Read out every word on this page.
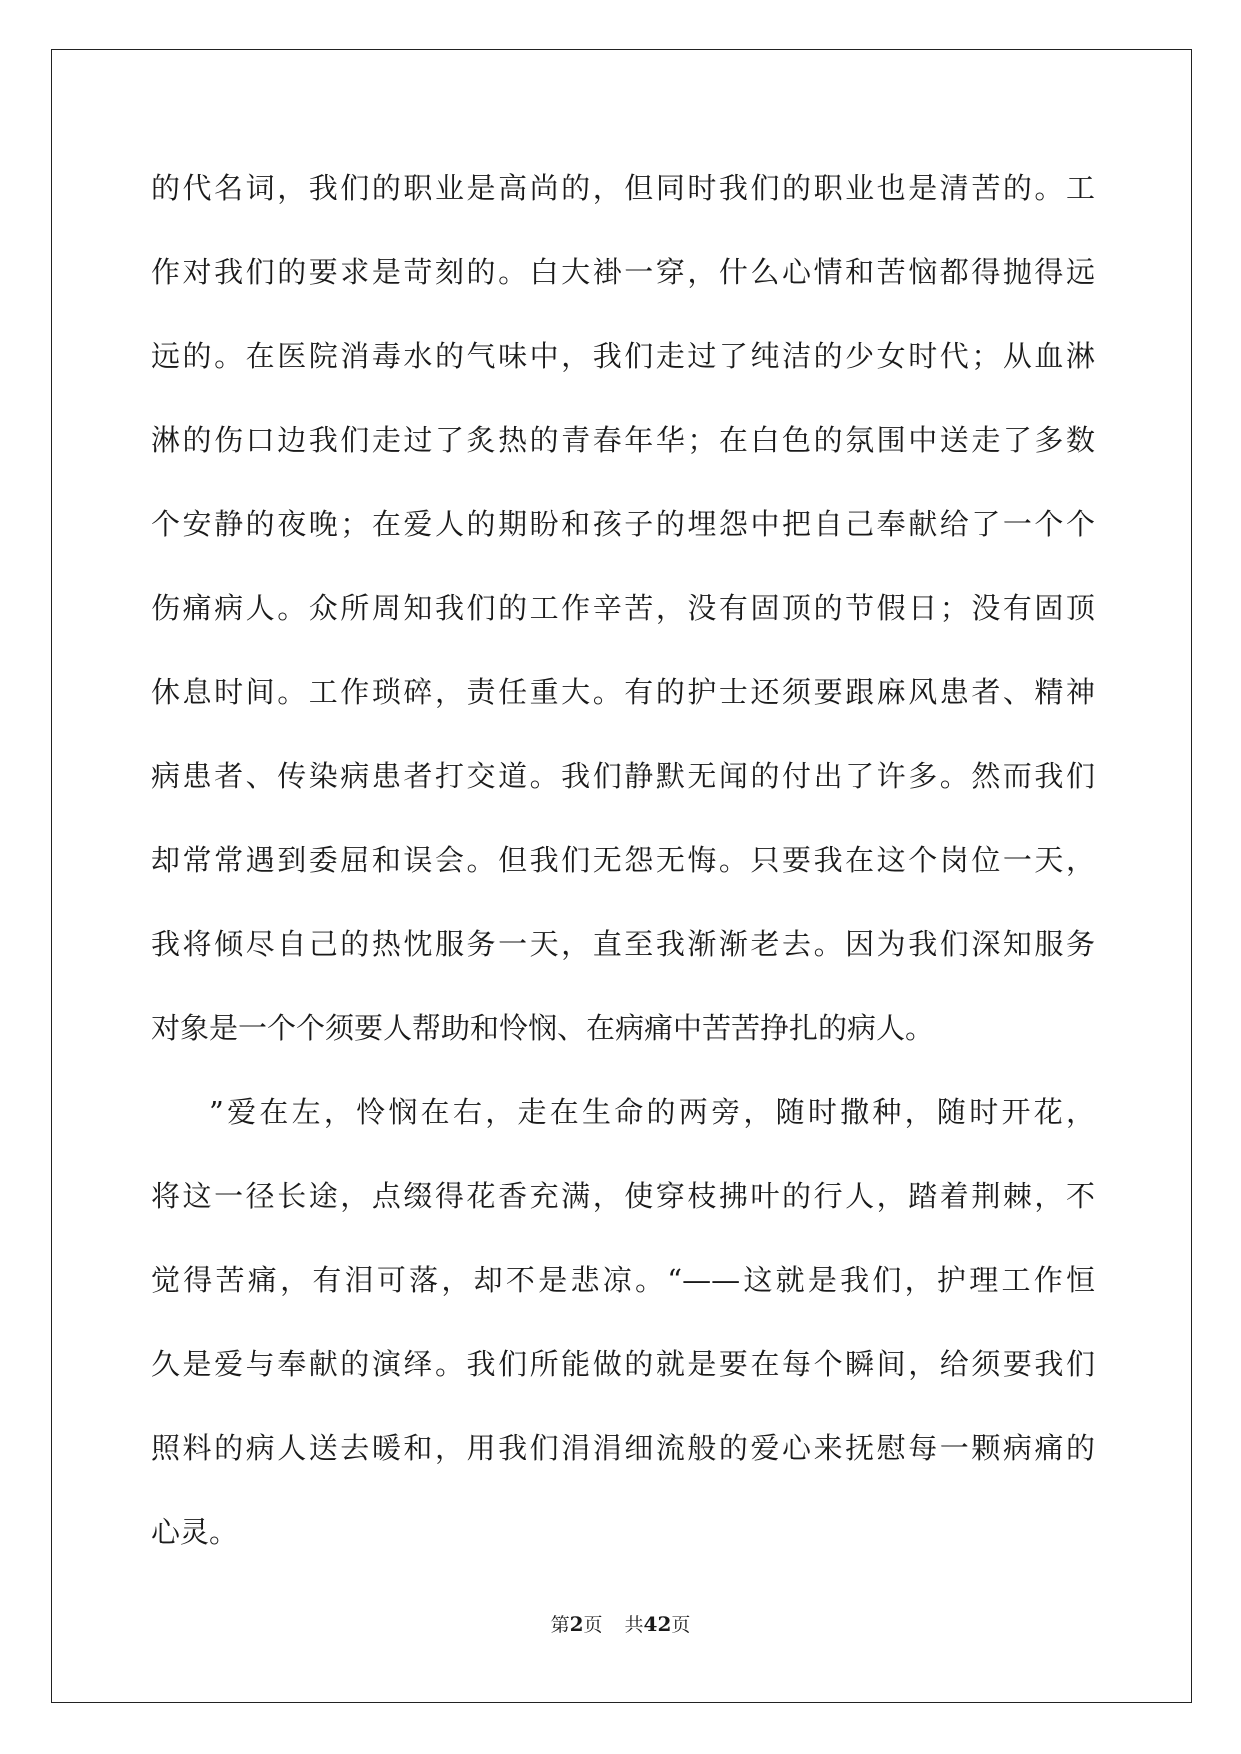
的代名词，我们的职业是高尚的，但同时我们的职业也是清苦的。工
作对我们的要求是苛刻的。白大褂一穿，什么心情和苦恼都得抛得远
远的。在医院消毒水的气味中，我们走过了纯洁的少女时代；从血淋
淋的伤口边我们走过了炙热的青春年华；在白色的氛围中送走了多数
个安静的夜晚；在爱人的期盼和孩子的埋怨中把自己奉献给了一个个
伤痛病人。众所周知我们的工作辛苦，没有固顶的节假日；没有固顶
休息时间。工作琐碎，责任重大。有的护士还须要跟麻风患者、精神
病患者、传染病患者打交道。我们静默无闻的付出了许多。然而我们
却常常遇到委屈和误会。但我们无怨无悔。只要我在这个岗位一天，
我将倾尽自己的热忱服务一天，直至我渐渐老去。因为我们深知服务
对象是一个个须要人帮助和怜悯、在病痛中苦苦挣扎的病人。
”爱在左，怜悯在右，走在生命的两旁，随时撒种，随时开花，
将这一径长途，点缀得花香充满，使穿枝拂叶的行人，踏着荆棘，不
觉得苦痛，有泪可落，却不是悲凉。“——这就是我们，护理工作恒
久是爱与奉献的演绎。我们所能做的就是要在每个瞬间，给须要我们
照料的病人送去暖和，用我们涓涓细流般的爱心来抚慰每一颗病痛的
心灵。
第2页 共42页
